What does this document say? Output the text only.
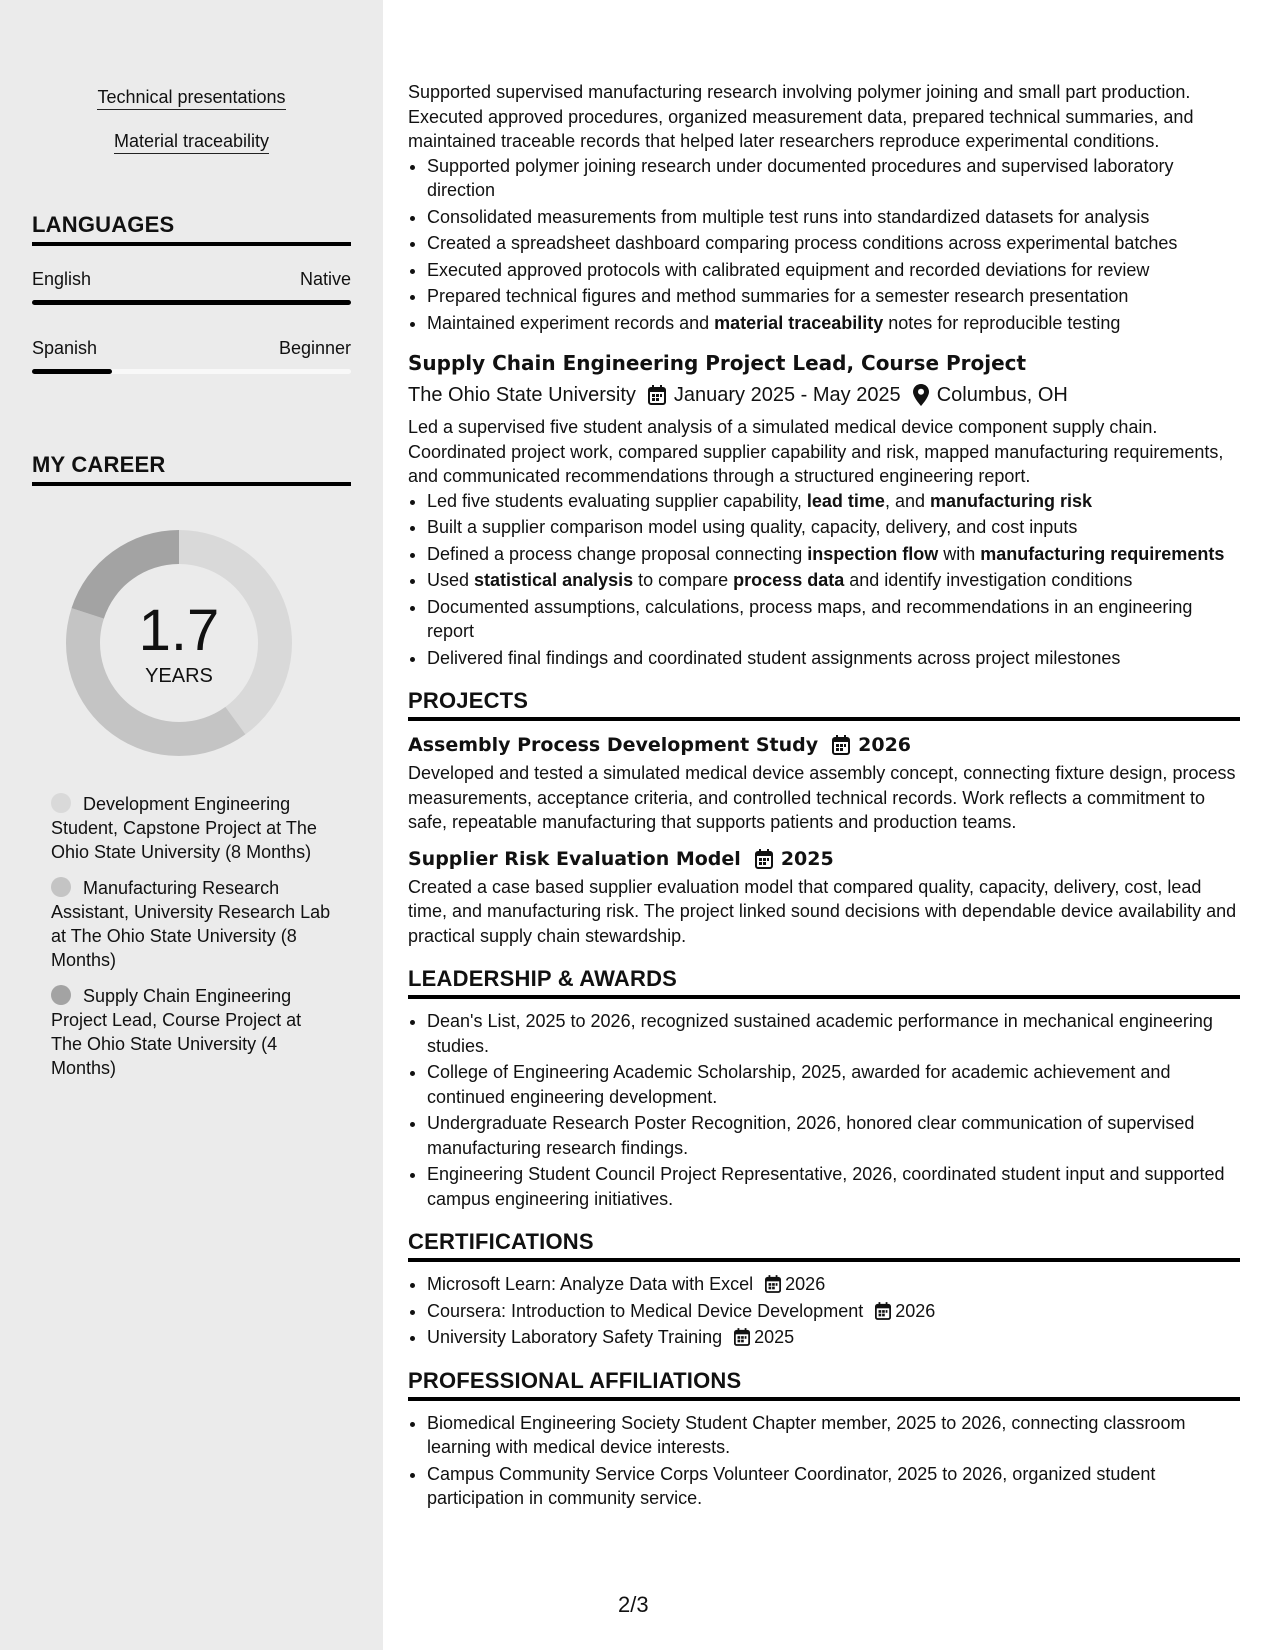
Technical presentations
Material traceability
LANGUAGES
English	Native
Spanish	Beginner
MY CAREER
1.7
YEARS
Development Engineering Student, Capstone Project at The Ohio State University (8 Months)
Manufacturing Research Assistant, University Research Lab at The Ohio State University (8 Months)
Supply Chain Engineering Project Lead, Course Project at The Ohio State University (4 Months)

Supported supervised manufacturing research involving polymer joining and small part production. Executed approved procedures, organized measurement data, prepared technical summaries, and maintained traceable records that helped later researchers reproduce experimental conditions.

• Supported polymer joining research under documented procedures and supervised laboratory direction
• Consolidated measurements from multiple test runs into standardized datasets for analysis
• Created a spreadsheet dashboard comparing process conditions across experimental batches
• Executed approved protocols with calibrated equipment and recorded deviations for review
• Prepared technical figures and method summaries for a semester research presentation
• Maintained experiment records and material traceability notes for reproducible testing
Supply Chain Engineering Project Lead, Course Project
The Ohio State University January 2025 - May 2025 Columbus, OH

Led a supervised five student analysis of a simulated medical device component supply chain. Coordinated project work, compared supplier capability and risk, mapped manufacturing requirements, and communicated recommendations through a structured engineering report.

• Led five students evaluating supplier capability, lead time, and manufacturing risk
• Built a supplier comparison model using quality, capacity, delivery, and cost inputs
• Defined a process change proposal connecting inspection flow with manufacturing requirements
• Used statistical analysis to compare process data and identify investigation conditions
• Documented assumptions, calculations, process maps, and recommendations in an engineering report
• Delivered final findings and coordinated student assignments across project milestones
PROJECTS
Assembly Process Development Study 2026

Developed and tested a simulated medical device assembly concept, connecting fixture design, process measurements, acceptance criteria, and controlled technical records. Work reflects a commitment to safe, repeatable manufacturing that supports patients and production teams.

Supplier Risk Evaluation Model 2025

Created a case based supplier evaluation model that compared quality, capacity, delivery, cost, lead time, and manufacturing risk. The project linked sound decisions with dependable device availability and practical supply chain stewardship.

LEADERSHIP & AWARDS
• Dean's List, 2025 to 2026, recognized sustained academic performance in mechanical engineering studies.
• College of Engineering Academic Scholarship, 2025, awarded for academic achievement and continued engineering development.
• Undergraduate Research Poster Recognition, 2026, honored clear communication of supervised manufacturing research findings.
• Engineering Student Council Project Representative, 2026, coordinated student input and supported campus engineering initiatives.
CERTIFICATIONS
• Microsoft Learn: Analyze Data with Excel 2026
• Coursera: Introduction to Medical Device Development 2026
• University Laboratory Safety Training 2025
PROFESSIONAL AFFILIATIONS
• Biomedical Engineering Society Student Chapter member, 2025 to 2026, connecting classroom learning with medical device interests.
• Campus Community Service Corps Volunteer Coordinator, 2025 to 2026, organized student participation in community service.
2/3
